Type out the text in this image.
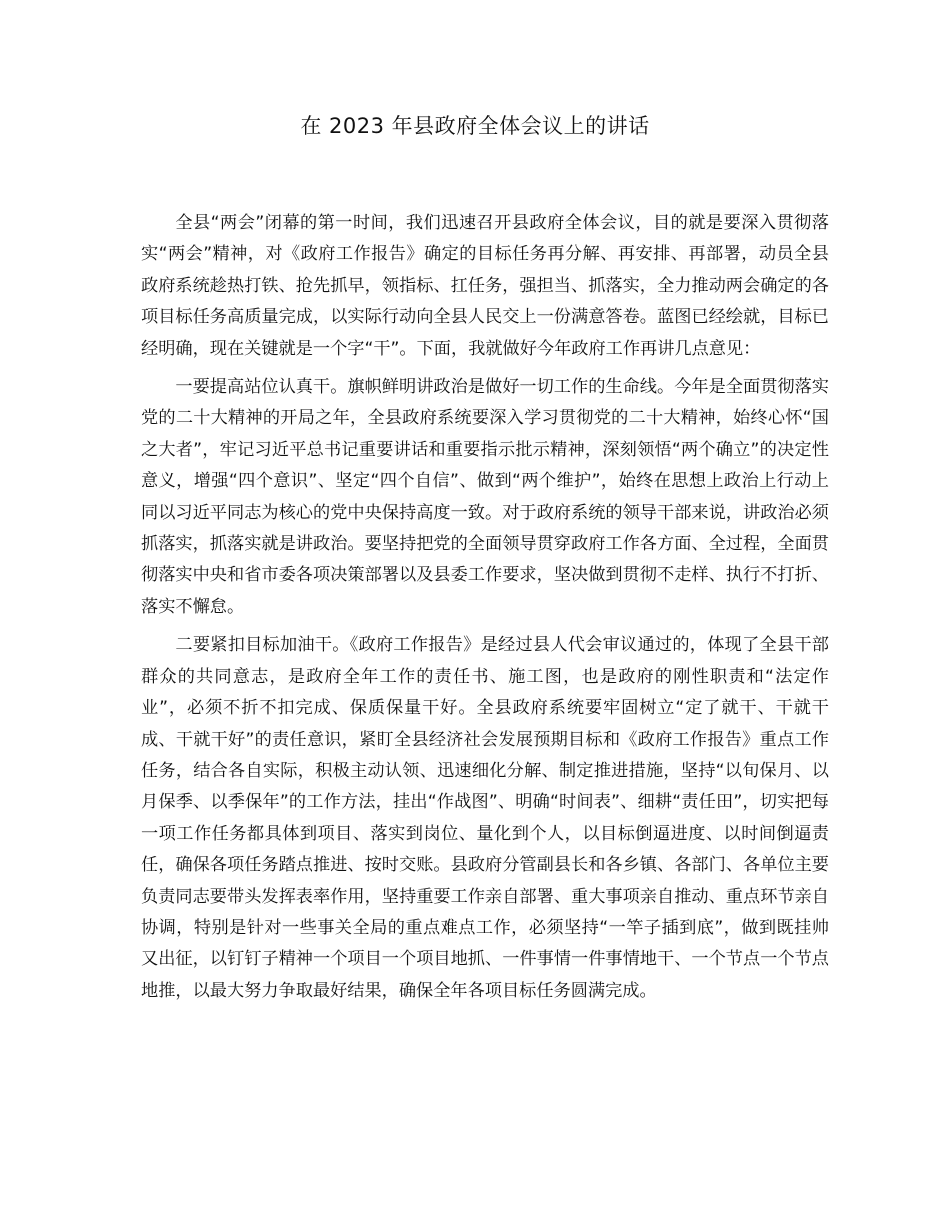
在 2023 年县政府全体会议上的讲话

全县“两会”闭幕的第一时间，我们迅速召开县政府全体会议，目的就是要深入贯彻落实“两会”精神，对《政府工作报告》确定的目标任务再分解、再安排、再部署，动员全县政府系统趁热打铁、抢先抓早，领指标、扛任务，强担当、抓落实，全力推动两会确定的各项目标任务高质量完成，以实际行动向全县人民交上一份满意答卷。蓝图已经绘就，目标已经明确，现在关键就是一个字“干”。下面，我就做好今年政府工作再讲几点意见：

一要提高站位认真干。旗帜鲜明讲政治是做好一切工作的生命线。今年是全面贯彻落实党的二十大精神的开局之年，全县政府系统要深入学习贯彻党的二十大精神，始终心怀“国之大者”，牢记习近平总书记重要讲话和重要指示批示精神，深刻领悟“两个确立”的决定性意义，增强“四个意识”、坚定“四个自信”、做到“两个维护”，始终在思想上政治上行动上同以习近平同志为核心的党中央保持高度一致。对于政府系统的领导干部来说，讲政治必须抓落实，抓落实就是讲政治。要坚持把党的全面领导贯穿政府工作各方面、全过程，全面贯彻落实中央和省市委各项决策部署以及县委工作要求，坚决做到贯彻不走样、执行不打折、落实不懈怠。

二要紧扣目标加油干。《政府工作报告》是经过县人代会审议通过的，体现了全县干部群众的共同意志，是政府全年工作的责任书、施工图，也是政府的刚性职责和“法定作业”，必须不折不扣完成、保质保量干好。全县政府系统要牢固树立“定了就干、干就干成、干就干好”的责任意识，紧盯全县经济社会发展预期目标和《政府工作报告》重点工作任务，结合各自实际，积极主动认领、迅速细化分解、制定推进措施，坚持“以旬保月、以月保季、以季保年”的工作方法，挂出“作战图”、明确“时间表”、细耕“责任田”，切实把每一项工作任务都具体到项目、落实到岗位、量化到个人，以目标倒逼进度、以时间倒逼责任，确保各项任务踏点推进、按时交账。县政府分管副县长和各乡镇、各部门、各单位主要负责同志要带头发挥表率作用，坚持重要工作亲自部署、重大事项亲自推动、重点环节亲自协调，特别是针对一些事关全局的重点难点工作，必须坚持“一竿子插到底”，做到既挂帅又出征，以钉钉子精神一个项目一个项目地抓、一件事情一件事情地干、一个节点一个节点地推，以最大努力争取最好结果，确保全年各项目标任务圆满完成。
